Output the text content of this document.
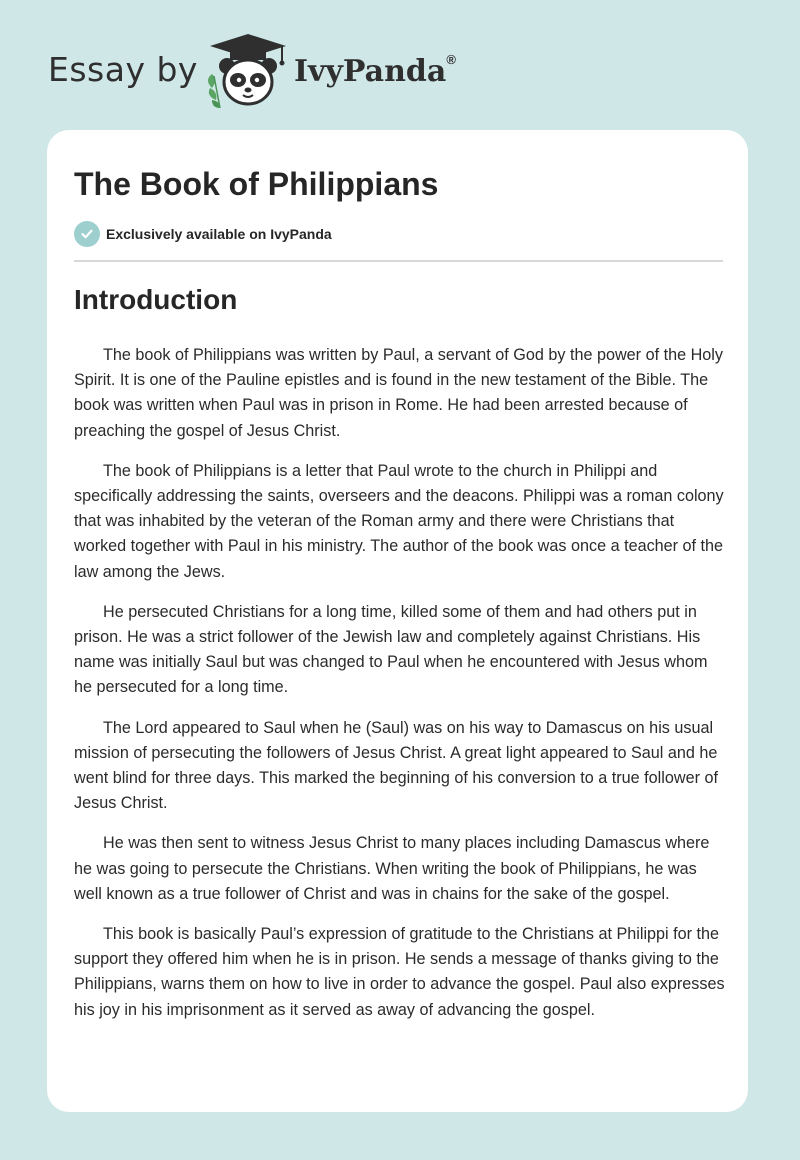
Essay by	IvyPanda®
The Book of Philippians
Exclusively available on IvyPanda
Introduction

The book of Philippians was written by Paul, a servant of God by the power of the Holy Spirit. It is one of the Pauline epistles and is found in the new testament of the Bible. The book was written when Paul was in prison in Rome. He had been arrested because of preaching the gospel of Jesus Christ.

The book of Philippians is a letter that Paul wrote to the church in Philippi and specifically addressing the saints, overseers and the deacons. Philippi was a roman colony that was inhabited by the veteran of the Roman army and there were Christians that worked together with Paul in his ministry. The author of the book was once a teacher of the law among the Jews.

He persecuted Christians for a long time, killed some of them and had others put in prison. He was a strict follower of the Jewish law and completely against Christians. His name was initially Saul but was changed to Paul when he encountered with Jesus whom he persecuted for a long time.

The Lord appeared to Saul when he (Saul) was on his way to Damascus on his usual mission of persecuting the followers of Jesus Christ. A great light appeared to Saul and he went blind for three days. This marked the beginning of his conversion to a true follower of Jesus Christ.

He was then sent to witness Jesus Christ to many places including Damascus where he was going to persecute the Christians. When writing the book of Philippians, he was well known as a true follower of Christ and was in chains for the sake of the gospel.

This book is basically Paul’s expression of gratitude to the Christians at Philippi for the support they offered him when he is in prison. He sends a message of thanks giving to the Philippians, warns them on how to live in order to advance the gospel. Paul also expresses his joy in his imprisonment as it served as away of advancing the gospel.
